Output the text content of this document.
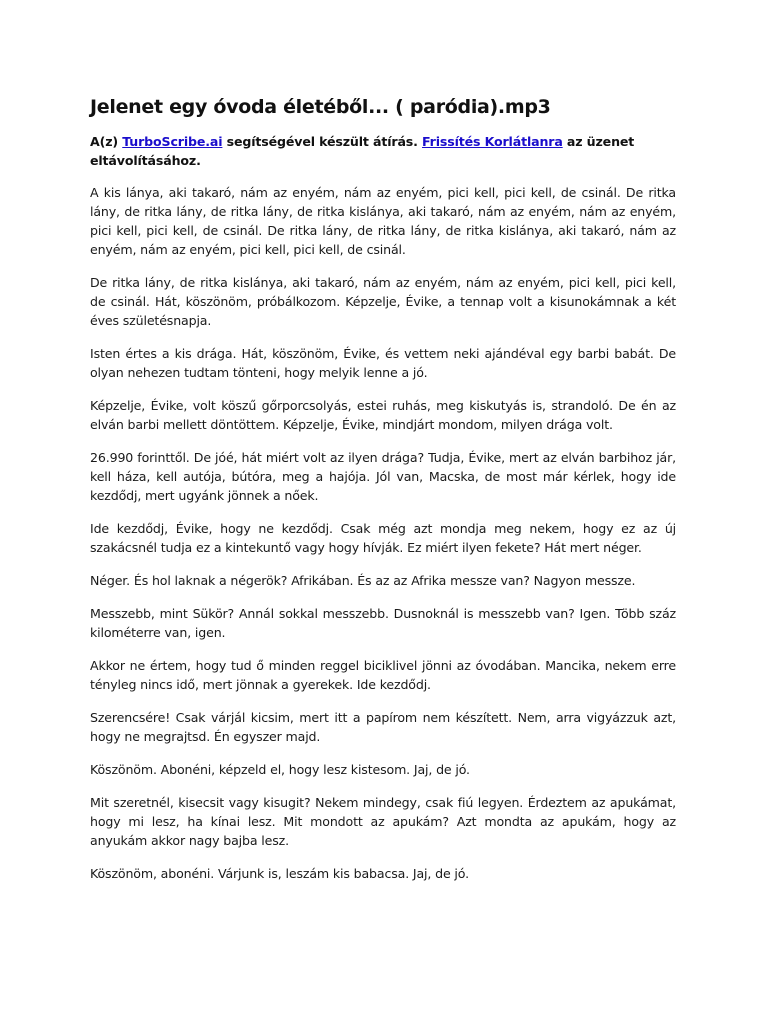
Jelenet egy óvoda életéből... ( paródia).mp3

A(z) TurboScribe.ai segítségével készült átírás. Frissítés Korlátlanra az üzenet eltávolításához.

A kis lánya, aki takaró, nám az enyém, nám az enyém, pici kell, pici kell, de csinál. De ritka lány, de ritka lány, de ritka lány, de ritka kislánya, aki takaró, nám az enyém, nám az enyém, pici kell, pici kell, de csinál. De ritka lány, de ritka lány, de ritka kislánya, aki takaró, nám az enyém, nám az enyém, pici kell, pici kell, de csinál.

De ritka lány, de ritka kislánya, aki takaró, nám az enyém, nám az enyém, pici kell, pici kell, de csinál. Hát, köszönöm, próbálkozom. Képzelje, Évike, a tennap volt a kisunokámnak a két éves születésnapja.

Isten értes a kis drága. Hát, köszönöm, Évike, és vettem neki ajándéval egy barbi babát. De olyan nehezen tudtam tönteni, hogy melyik lenne a jó.

Képzelje, Évike, volt köszű gőrporcsolyás, estei ruhás, meg kiskutyás is, strandoló. De én az elván barbi mellett döntöttem. Képzelje, Évike, mindjárt mondom, milyen drága volt.

26.990 forinttől. De jóé, hát miért volt az ilyen drága? Tudja, Évike, mert az elván barbihoz jár, kell háza, kell autója, bútóra, meg a hajója. Jól van, Macska, de most már kérlek, hogy ide kezdődj, mert ugyánk jönnek a nőek.

Ide kezdődj, Évike, hogy ne kezdődj. Csak még azt mondja meg nekem, hogy ez az új szakácsnél tudja ez a kintekuntő vagy hogy hívják. Ez miért ilyen fekete? Hát mert néger.

Néger. És hol laknak a négerök? Afrikában. És az az Afrika messze van? Nagyon messze.

Messzebb, mint Sükör? Annál sokkal messzebb. Dusnoknál is messzebb van? Igen. Több száz kilométerre van, igen.

Akkor ne értem, hogy tud ő minden reggel biciklivel jönni az óvodában. Mancika, nekem erre tényleg nincs idő, mert jönnak a gyerekek. Ide kezdődj.

Szerencsére! Csak várjál kicsim, mert itt a papírom nem készített. Nem, arra vigyázzuk azt, hogy ne megrajtsd. Én egyszer majd.

Köszönöm. Abonéni, képzeld el, hogy lesz kistesom. Jaj, de jó.

Mit szeretnél, kisecsit vagy kisugit? Nekem mindegy, csak fiú legyen. Érdeztem az apukámat, hogy mi lesz, ha kínai lesz. Mit mondott az apukám? Azt mondta az apukám, hogy az anyukám akkor nagy bajba lesz.

Köszönöm, abonéni. Várjunk is, leszám kis babacsa. Jaj, de jó.
